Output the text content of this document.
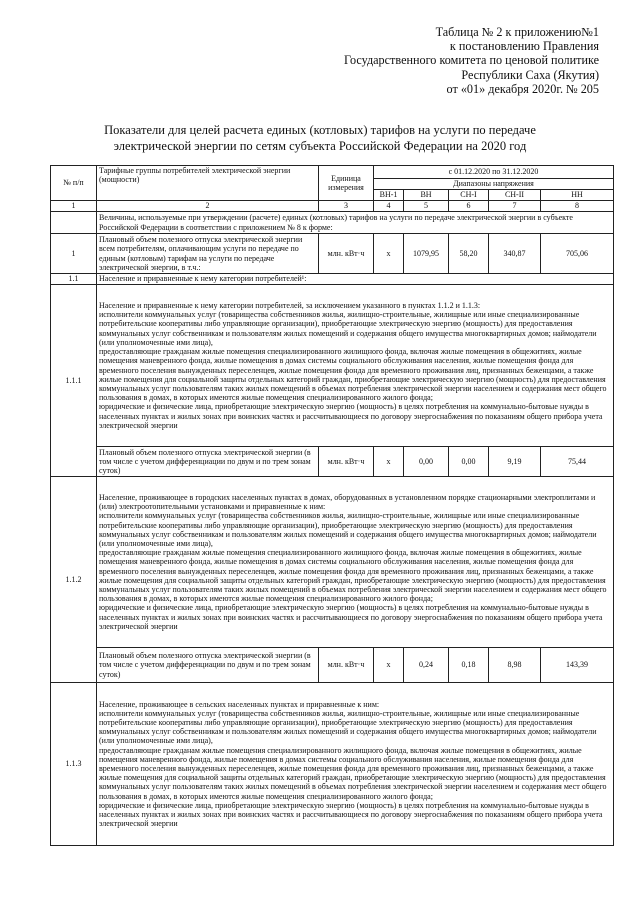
Таблица № 2 к приложению№1
к постановлению Правления
Государственного комитета по ценовой политике
Республики Саха (Якутия)
от «01» декабря 2020г. № 205
Показатели для целей расчета единых (котловых) тарифов на услуги по передаче
электрической энергии по сетям субъекта Российской Федерации на 2020 год
№ п/п	Тарифные группы потребителей электрической энергии (мощности)	Единица измерения	с 01.12.2020 по 31.12.2020				
			Диапазоны напряжения				
			ВН-1	ВН	СН-I	СН-II	НН
1	2	3	4	5	6	7	8
	Величины, используемые при утверждении (расчете) единых (котловых) тарифов на услуги по передаче электрической энергии в субъекте Российской Федерации в соответствии с приложением № 8 к форме:						
1	Плановый объем полезного отпуска электрической энергии всем потребителям, оплачивающим услуги по передаче по единым (котловым) тарифам на услуги по передаче электрической энергии, в т.ч.:	млн. кВт·ч	х	1079,95	58,20	340,87	705,06
1.1	Население и приравненные к нему категории потребителей¹:						
1.1.1	Население и приравненные к нему категории потребителей, за исключением указанного в пунктах 1.1.2 и 1.1.3:

исполнители коммунальных услуг (товарищества собственников жилья, жилищно-строительные, жилищные или иные специализированные потребительские кооперативы либо управляющие организации), приобретающие электрическую энергию (мощность) для предоставления коммунальных услуг собственникам и пользователям жилых помещений и содержания общего имущества многоквартирных домов; наймодатели (или уполномоченные ими лица),

предоставляющие гражданам жилые помещения специализированного жилищного фонда, включая жилые помещения в общежитиях, жилые помещения маневренного фонда, жилые помещения в домах системы социального обслуживания населения, жилые помещения фонда для временного поселения вынужденных переселенцев, жилые помещения фонда для временного проживания лиц, признанных беженцами, а также жилые помещения для социальной защиты отдельных категорий граждан, приобретающие электрическую энергию (мощность) для предоставления коммунальных услуг пользователям таких жилых помещений в объемах потребления электрической энергии населением и содержания мест общего пользования в домах, в которых имеются жилые помещения специализированного жилого фонда;

юридические и физические лица, приобретающие электрическую энергию (мощность) в целях потребления на коммунально-бытовые нужды в населенных пунктах и жилых зонах при воинских частях и рассчитывающиеся по договору энергоснабжения по показаниям общего прибора учета электрической энергии						

	Плановый объем полезного отпуска электрической энергии (в том числе с учетом дифференциации по двум и по трем зонам суток)	млн. кВт·ч	х	0,00	0,00	9,19	75,44
1.1.2	Население, проживающее в городских населенных пунктах в домах, оборудованных в установленном порядке стационарными электроплитами и (или) электроотопительными установками и приравненные к ним:

исполнители коммунальных услуг (товарищества собственников жилья, жилищно-строительные, жилищные или иные специализированные потребительские кооперативы либо управляющие организации), приобретающие электрическую энергию (мощность) для предоставления коммунальных услуг собственникам и пользователям жилых помещений и содержания общего имущества многоквартирных домов; наймодатели (или уполномоченные ими лица),

предоставляющие гражданам жилые помещения специализированного жилищного фонда, включая жилые помещения в общежитиях, жилые помещения маневренного фонда, жилые помещения в домах системы социального обслуживания населения, жилые помещения фонда для временного поселения вынужденных переселенцев, жилые помещения фонда для временного проживания лиц, признанных беженцами, а также жилые помещения для социальной защиты отдельных категорий граждан, приобретающие электрическую энергию (мощность) для предоставления коммунальных услуг пользователям таких жилых помещений в объемах потребления электрической энергии населением и содержания мест общего пользования в домах, в которых имеются жилые помещения специализированного жилого фонда;

юридические и физические лица, приобретающие электрическую энергию (мощность) в целях потребления на коммунально-бытовые нужды в населенных пунктах и жилых зонах при воинских частях и рассчитывающиеся по договору энергоснабжения по показаниям общего прибора учета электрической энергии						

	Плановый объем полезного отпуска электрической энергии (в том числе с учетом дифференциации по двум и по трем зонам суток)	млн. кВт·ч	х	0,24	0,18	8,98	143,39
1.1.3	Население, проживающее в сельских населенных пунктах и приравненные к ним:

исполнители коммунальных услуг (товарищества собственников жилья, жилищно-строительные, жилищные или иные специализированные потребительские кооперативы либо управляющие организации), приобретающие электрическую энергию (мощность) для предоставления коммунальных услуг собственникам и пользователям жилых помещений и содержания общего имущества многоквартирных домов; наймодатели (или уполномоченные ими лица),

предоставляющие гражданам жилые помещения специализированного жилищного фонда, включая жилые помещения в общежитиях, жилые помещения маневренного фонда, жилые помещения в домах системы социального обслуживания населения, жилые помещения фонда для временного поселения вынужденных переселенцев, жилые помещения фонда для временного проживания лиц, признанных беженцами, а также жилые помещения для социальной защиты отдельных категорий граждан, приобретающие электрическую энергию (мощность) для предоставления коммунальных услуг пользователям таких жилых помещений в объемах потребления электрической энергии населением и содержания мест общего пользования в домах, в которых имеются жилые помещения специализированного жилого фонда;

юридические и физические лица, приобретающие электрическую энергию (мощность) в целях потребления на коммунально-бытовые нужды в населенных пунктах и жилых зонах при воинских частях и рассчитывающиеся по договору энергоснабжения по показаниям общего прибора учета электрической энергии						
